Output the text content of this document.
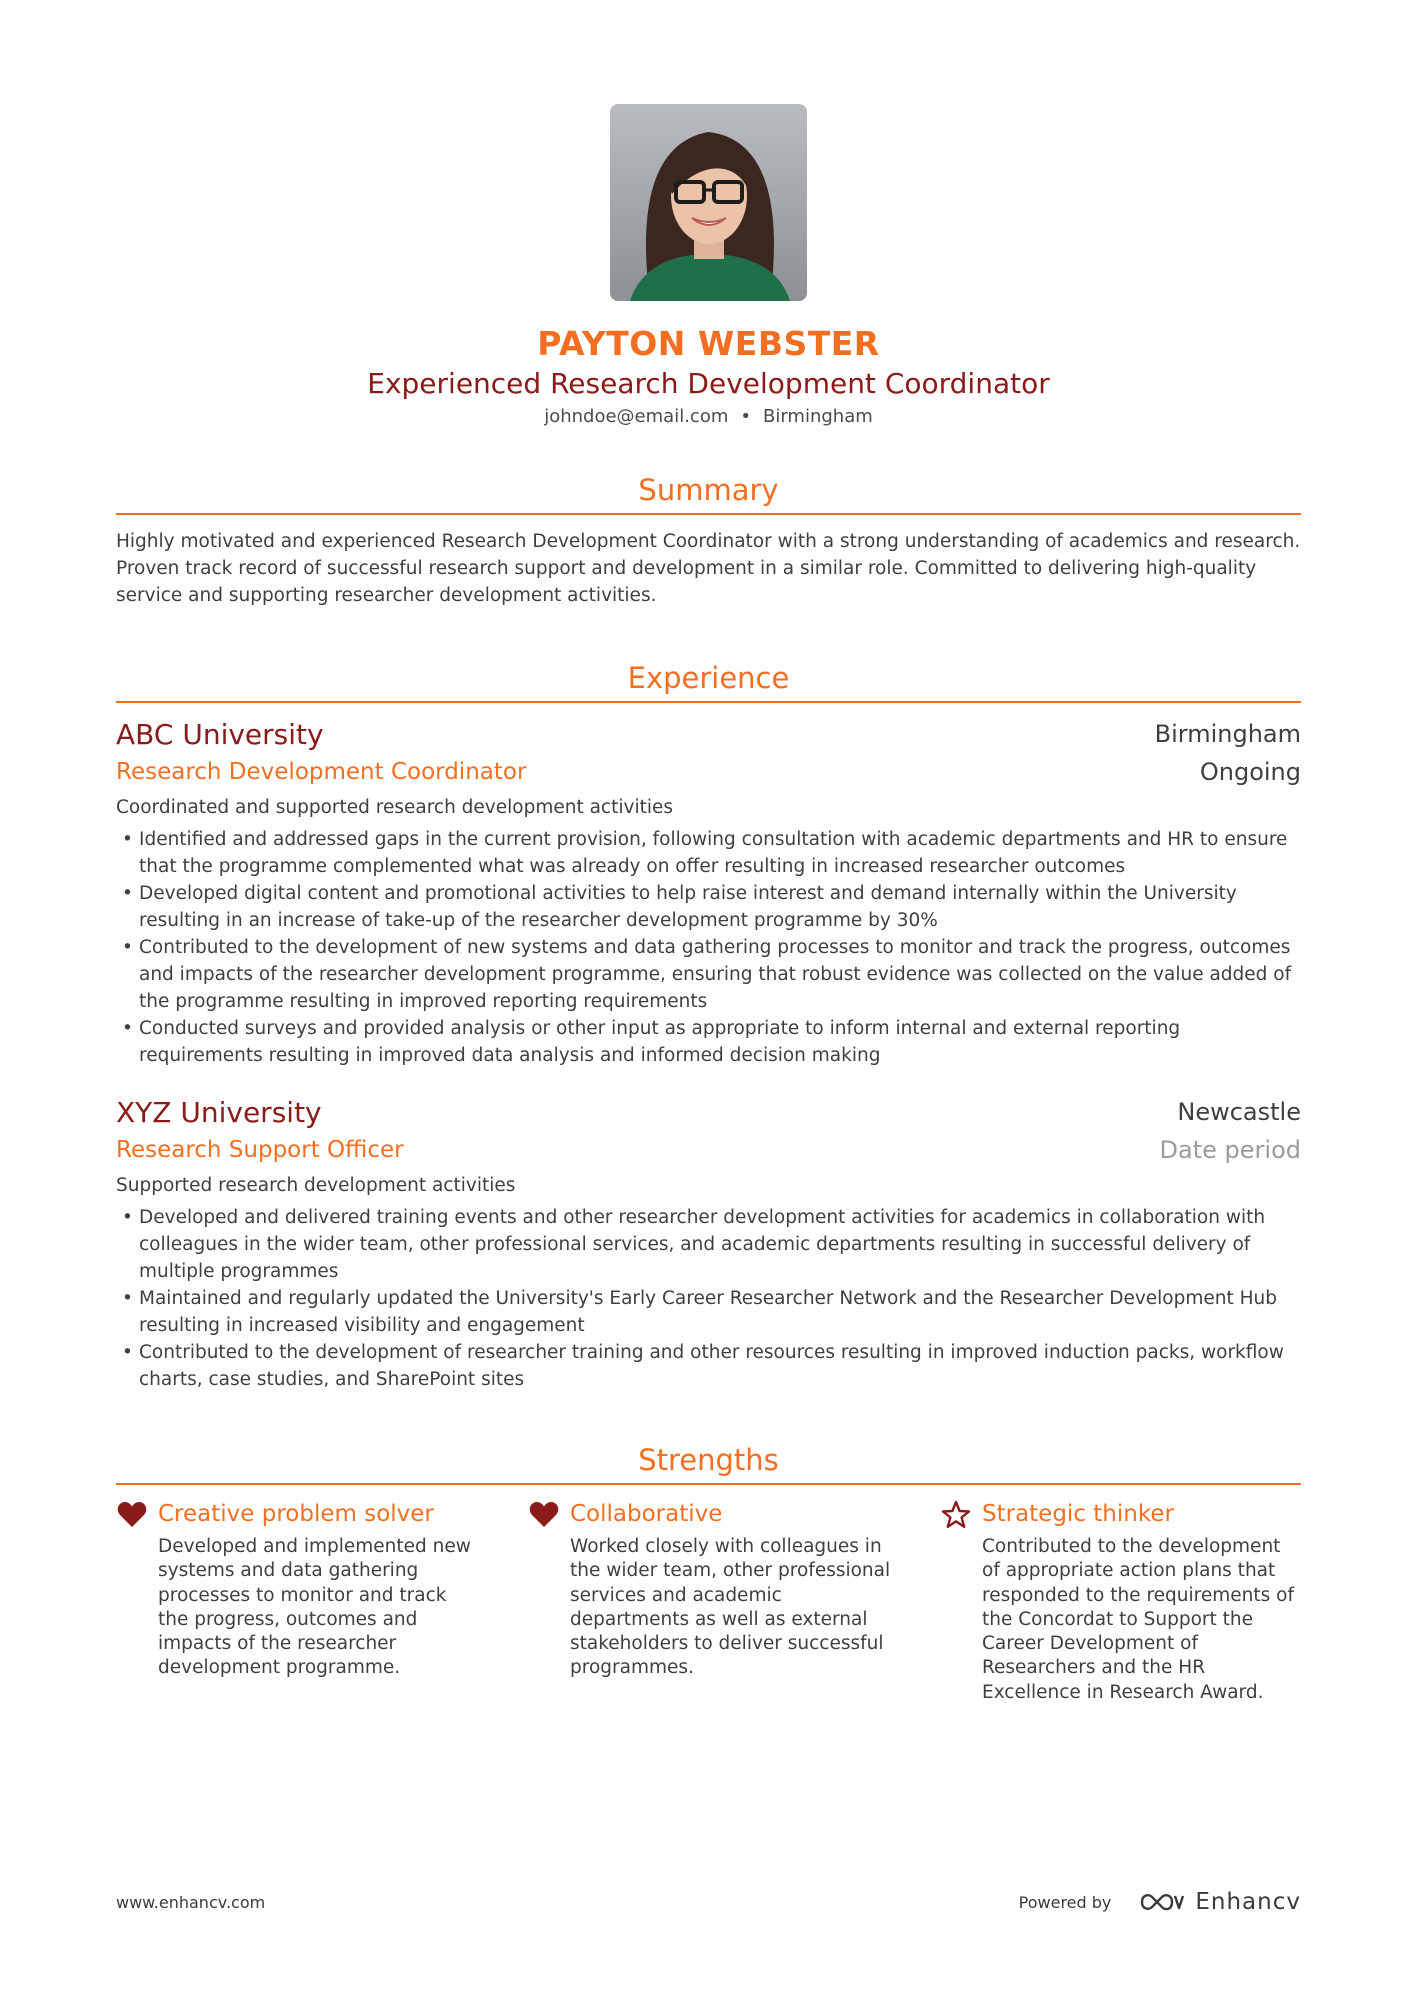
PAYTON WEBSTER
Experienced Research Development Coordinator
johndoe@email.com • Birmingham
Summary
Highly motivated and experienced Research Development Coordinator with a strong understanding of academics and research. Proven track record of successful research support and development in a similar role. Committed to delivering high-quality service and supporting researcher development activities.
Experience
ABC University	Birmingham
Research Development Coordinator	Ongoing
Coordinated and supported research development activities
• Identified and addressed gaps in the current provision, following consultation with academic departments and HR to ensure that the programme complemented what was already on offer resulting in increased researcher outcomes
• Developed digital content and promotional activities to help raise interest and demand internally within the University resulting in an increase of take-up of the researcher development programme by 30%
• Contributed to the development of new systems and data gathering processes to monitor and track the progress, outcomes and impacts of the researcher development programme, ensuring that robust evidence was collected on the value added of the programme resulting in improved reporting requirements
• Conducted surveys and provided analysis or other input as appropriate to inform internal and external reporting requirements resulting in improved data analysis and informed decision making
XYZ University	Newcastle
Research Support Officer	Date period
Supported research development activities
• Developed and delivered training events and other researcher development activities for academics in collaboration with colleagues in the wider team, other professional services, and academic departments resulting in successful delivery of multiple programmes
• Maintained and regularly updated the University's Early Career Researcher Network and the Researcher Development Hub resulting in increased visibility and engagement
• Contributed to the development of researcher training and other resources resulting in improved induction packs, workflow charts, case studies, and SharePoint sites
Strengths
Creative problem solver
Developed and implemented new systems and data gathering processes to monitor and track the progress, outcomes and impacts of the researcher development programme.
Collaborative
Worked closely with colleagues in the wider team, other professional services and academic departments as well as external stakeholders to deliver successful programmes.
Strategic thinker
Contributed to the development of appropriate action plans that responded to the requirements of the Concordat to Support the Career Development of Researchers and the HR Excellence in Research Award.
www.enhancv.com	Powered by	Enhancv
